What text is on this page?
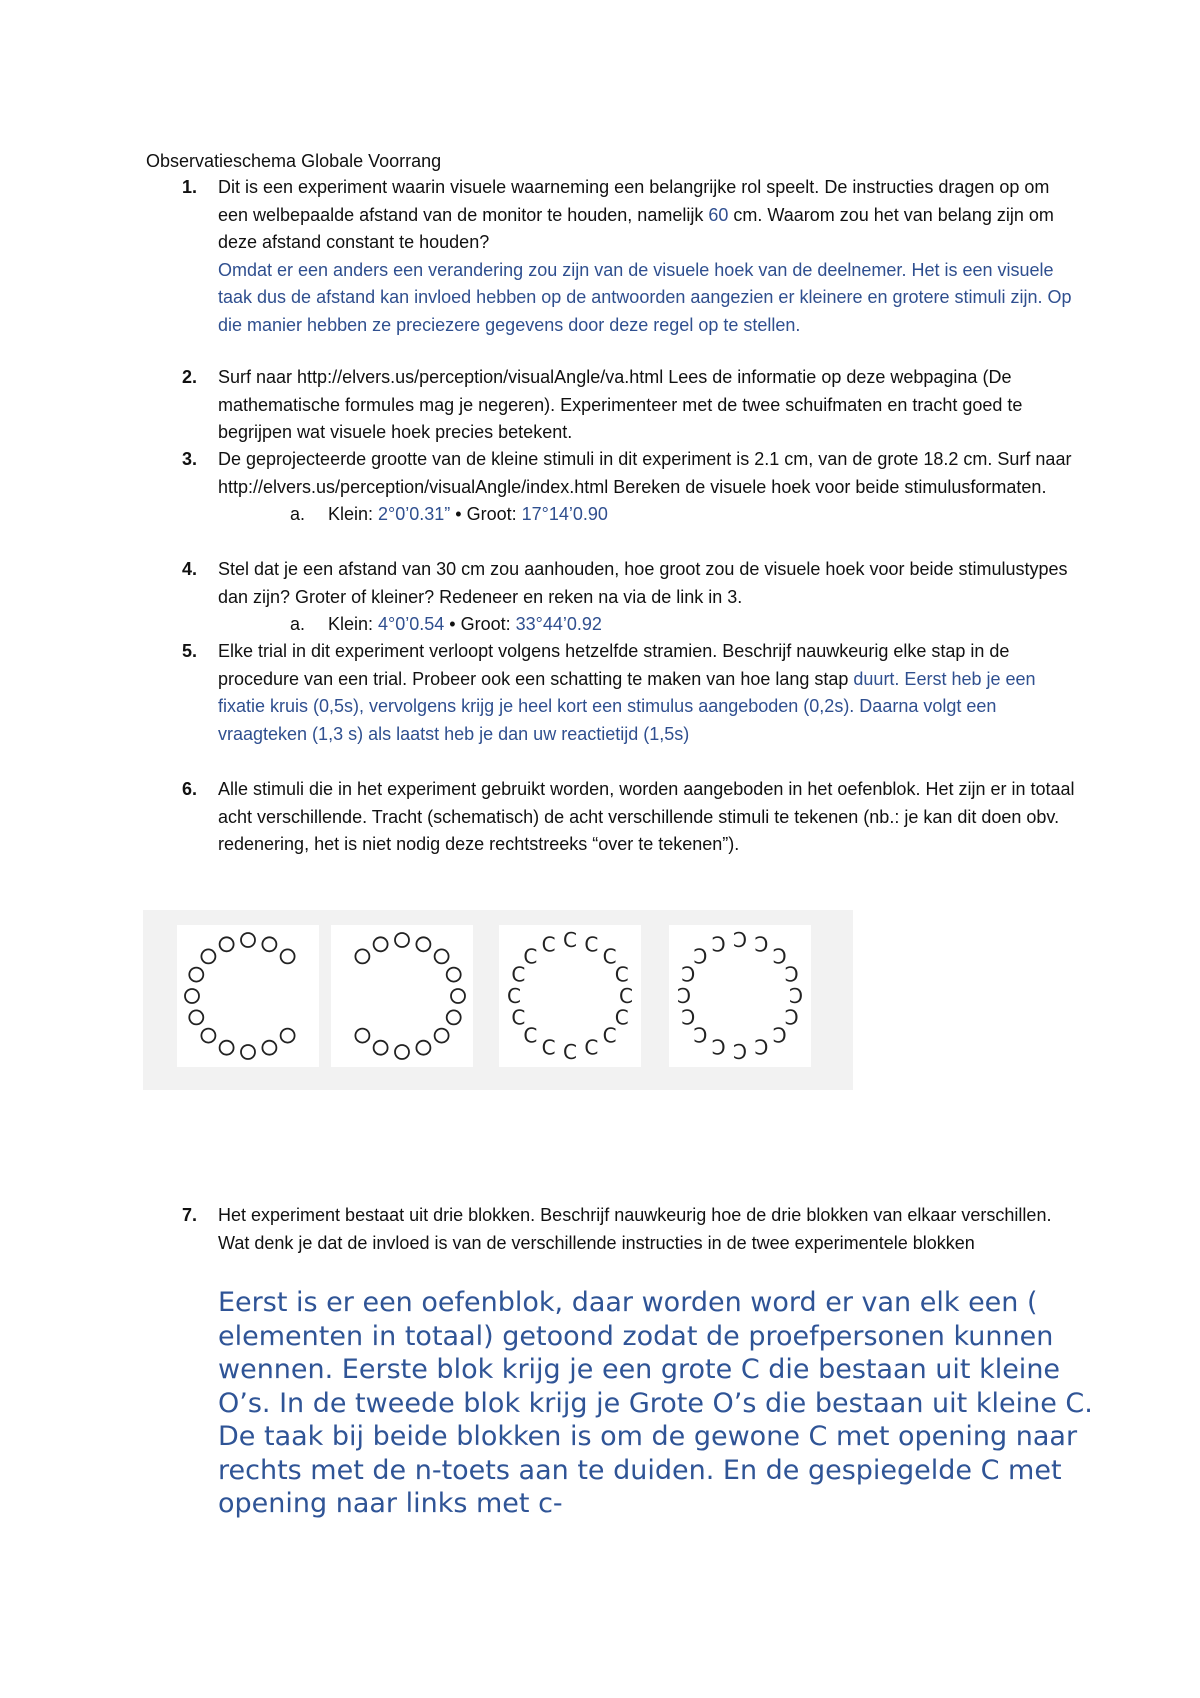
Observatieschema Globale Voorrang
1.	Dit is een experiment waarin visuele waarneming een belangrijke rol speelt. De instructies dragen op om een welbepaalde afstand van de monitor te houden, namelijk 60 cm. Waarom zou het van belang zijn om deze afstand constant te houden?
Omdat er een anders een verandering zou zijn van de visuele hoek van de deelnemer. Het is een visuele taak dus de afstand kan invloed hebben op de antwoorden aangezien er kleinere en grotere stimuli zijn. Op die manier hebben ze preciezere gegevens door deze regel op te stellen.
2.	Surf naar http://elvers.us/perception/visualAngle/va.html Lees de informatie op deze webpagina (De mathematische formules mag je negeren). Experimenteer met de twee schuifmaten en tracht goed te begrijpen wat visuele hoek precies betekent.
3.	De geprojecteerde grootte van de kleine stimuli in dit experiment is 2.1 cm, van de grote 18.2 cm. Surf naar http://elvers.us/perception/visualAngle/index.html Bereken de visuele hoek voor beide stimulusformaten.
a. Klein: 2°0’0.31” • Groot: 17°14’0.90
4.	Stel dat je een afstand van 30 cm zou aanhouden, hoe groot zou de visuele hoek voor beide stimulustypes dan zijn? Groter of kleiner? Redeneer en reken na via de link in 3.
a. Klein: 4°0’0.54 • Groot: 33°44’0.92
5.	Elke trial in dit experiment verloopt volgens hetzelfde stramien. Beschrijf nauwkeurig elke stap in de procedure van een trial. Probeer ook een schatting te maken van hoe lang stap duurt. Eerst heb je een fixatie kruis (0,5s), vervolgens krijg je heel kort een stimulus aangeboden (0,2s). Daarna volgt een vraagteken (1,3 s) als laatst heb je dan uw reactietijd (1,5s)
6.	Alle stimuli die in het experiment gebruikt worden, worden aangeboden in het oefenblok. Het zijn er in totaal acht verschillende. Tracht (schematisch) de acht verschillende stimuli te tekenen (nb.: je kan dit doen obv. redenering, het is niet nodig deze rechtstreeks “over te tekenen”).
C
C
C
C
C
C
C
C
C
C
C
C C C
C
C
Ɔ
Ɔ
Ɔ
Ɔ
Ɔ
Ɔ
Ɔ
Ɔ
Ɔ
Ɔ
Ɔ
Ɔ Ɔ Ɔ
Ɔ
Ɔ
7.	Het experiment bestaat uit drie blokken. Beschrijf nauwkeurig hoe de drie blokken van elkaar verschillen. Wat denk je dat de invloed is van de verschillende instructies in de twee experimentele blokken
Eerst is er een oefenblok, daar worden word er van elk een ( elementen in totaal) getoond zodat de proefpersonen kunnen wennen. Eerste blok krijg je een grote C die bestaan uit kleine O’s. In de tweede blok krijg je Grote O’s die bestaan uit kleine C. De taak bij beide blokken is om de gewone C met opening naar rechts met de n-toets aan te duiden. En de gespiegelde C met opening naar links met c-
